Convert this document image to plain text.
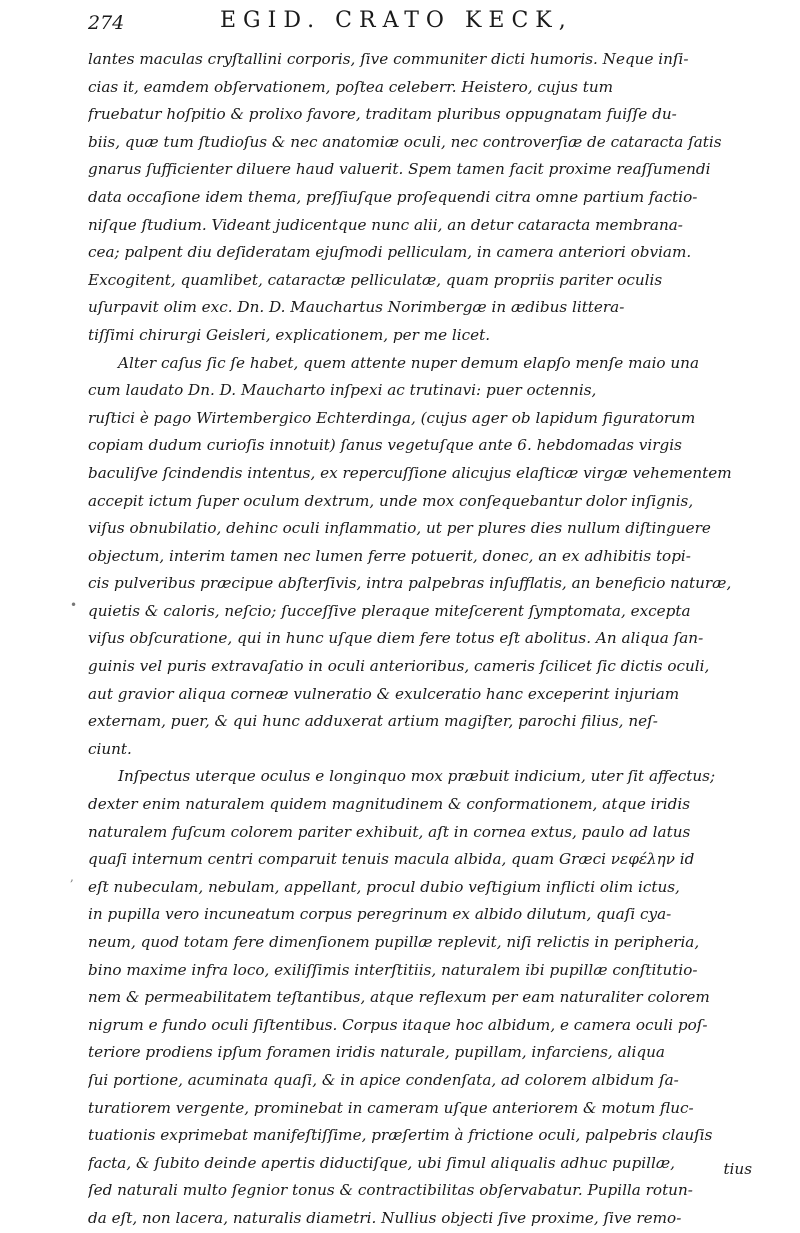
274	EGID. CRATO KECK,
lantes maculas cryſtallini corporis, ſive communiter dicti humoris. Neque inſi-
cias it, eamdem obſervationem, poſtea celeberr. Heistero, cujus tum
fruebatur hoſpitio & prolixo favore, traditam pluribus oppugnatam fuiſſe du-
biis, quæ tum ſtudioſus & nec anatomiæ oculi, nec controverſiæ de cataracta ſatis
gnarus ſufficienter diluere haud valuerit. Spem tamen facit proxime reaſſumendi
data occaſione idem thema, preſſiuſque proſequendi citra omne partium factio-
niſque ſtudium. Videant judicentque nunc alii, an detur cataracta membrana-
cea; palpent diu deſideratam ejuſmodi pelliculam, in camera anteriori obviam.
Excogitent, quamlibet, cataractæ pelliculatæ, quam propriis pariter oculis
uſurpavit olim exc. Dn. D. Mauchartus Norimbergæ in ædibus littera-
tiſſimi chirurgi Geisleri, explicationem, per me licet.
Alter caſus ſic ſe habet, quem attente nuper demum elapſo menſe maio una
cum laudato Dn. D. Maucharto inſpexi ac trutinavi: puer octennis,
ruſtici è pago Wirtembergico Echterdinga, (cujus ager ob lapidum figuratorum
copiam dudum curioſis innotuit) ſanus vegetuſque ante 6. hebdomadas virgis
baculiſve ſcindendis intentus, ex repercuſſione alicujus elaſticæ virgæ vehementem
accepit ictum ſuper oculum dextrum, unde mox conſequebantur dolor inſignis,
viſus obnubilatio, dehinc oculi inflammatio, ut per plures dies nullum diſtinguere
objectum, interim tamen nec lumen ferre potuerit, donec, an ex adhibitis topi-
cis pulveribus præcipue abſterſivis, intra palpebras inſufflatis, an beneficio naturæ,
quietis & caloris, neſcio; ſucceſſive pleraque miteſcerent ſymptomata, excepta
viſus obſcuratione, qui in hunc uſque diem fere totus eſt abolitus. An aliqua ſan-
guinis vel puris extravaſatio in oculi anterioribus, cameris ſcilicet ſic dictis oculi,
aut gravior aliqua corneæ vulneratio & exulceratio hanc exceperint injuriam
externam, puer, & qui hunc adduxerat artium magiſter, parochi filius, neſ-
ciunt.
Inſpectus uterque oculus e longinquo mox præbuit indicium, uter ſit affectus;
dexter enim naturalem quidem magnitudinem & conformationem, atque iridis
naturalem fuſcum colorem pariter exhibuit, aſt in cornea extus, paulo ad latus
quaſi internum centri comparuit tenuis macula albida, quam Græci νεφέλην id
eſt nubeculam, nebulam, appellant, procul dubio veſtigium inflicti olim ictus,
in pupilla vero incuneatum corpus peregrinum ex albido dilutum, quaſi cya-
neum, quod totam fere dimenſionem pupillæ replevit, niſi relictis in peripheria,
bino maxime infra loco, exiliſſimis interſtitiis, naturalem ibi pupillæ conſtitutio-
nem & permeabilitatem teſtantibus, atque reflexum per eam naturaliter colorem
nigrum e fundo oculi ſiſtentibus. Corpus itaque hoc albidum, e camera oculi poſ-
teriore prodiens ipſum foramen iridis naturale, pupillam, infarciens, aliqua
ſui portione, acuminata quaſi, & in apice condenſata, ad colorem albidum ſa-
turatiorem vergente, prominebat in cameram uſque anteriorem & motum fluc-
tuationis exprimebat manifeſtiſſime, præſertim à frictione oculi, palpebris clauſis
facta, & ſubito deinde apertis diductiſque, ubi ſimul aliqualis adhuc pupillæ,
ſed naturali multo ſegnior tonus & contractibilitas obſervabatur. Pupilla rotun-
da eſt, non lacera, naturalis diametri. Nullius objecti ſive proxime, ſive remo-
•
,
tius
